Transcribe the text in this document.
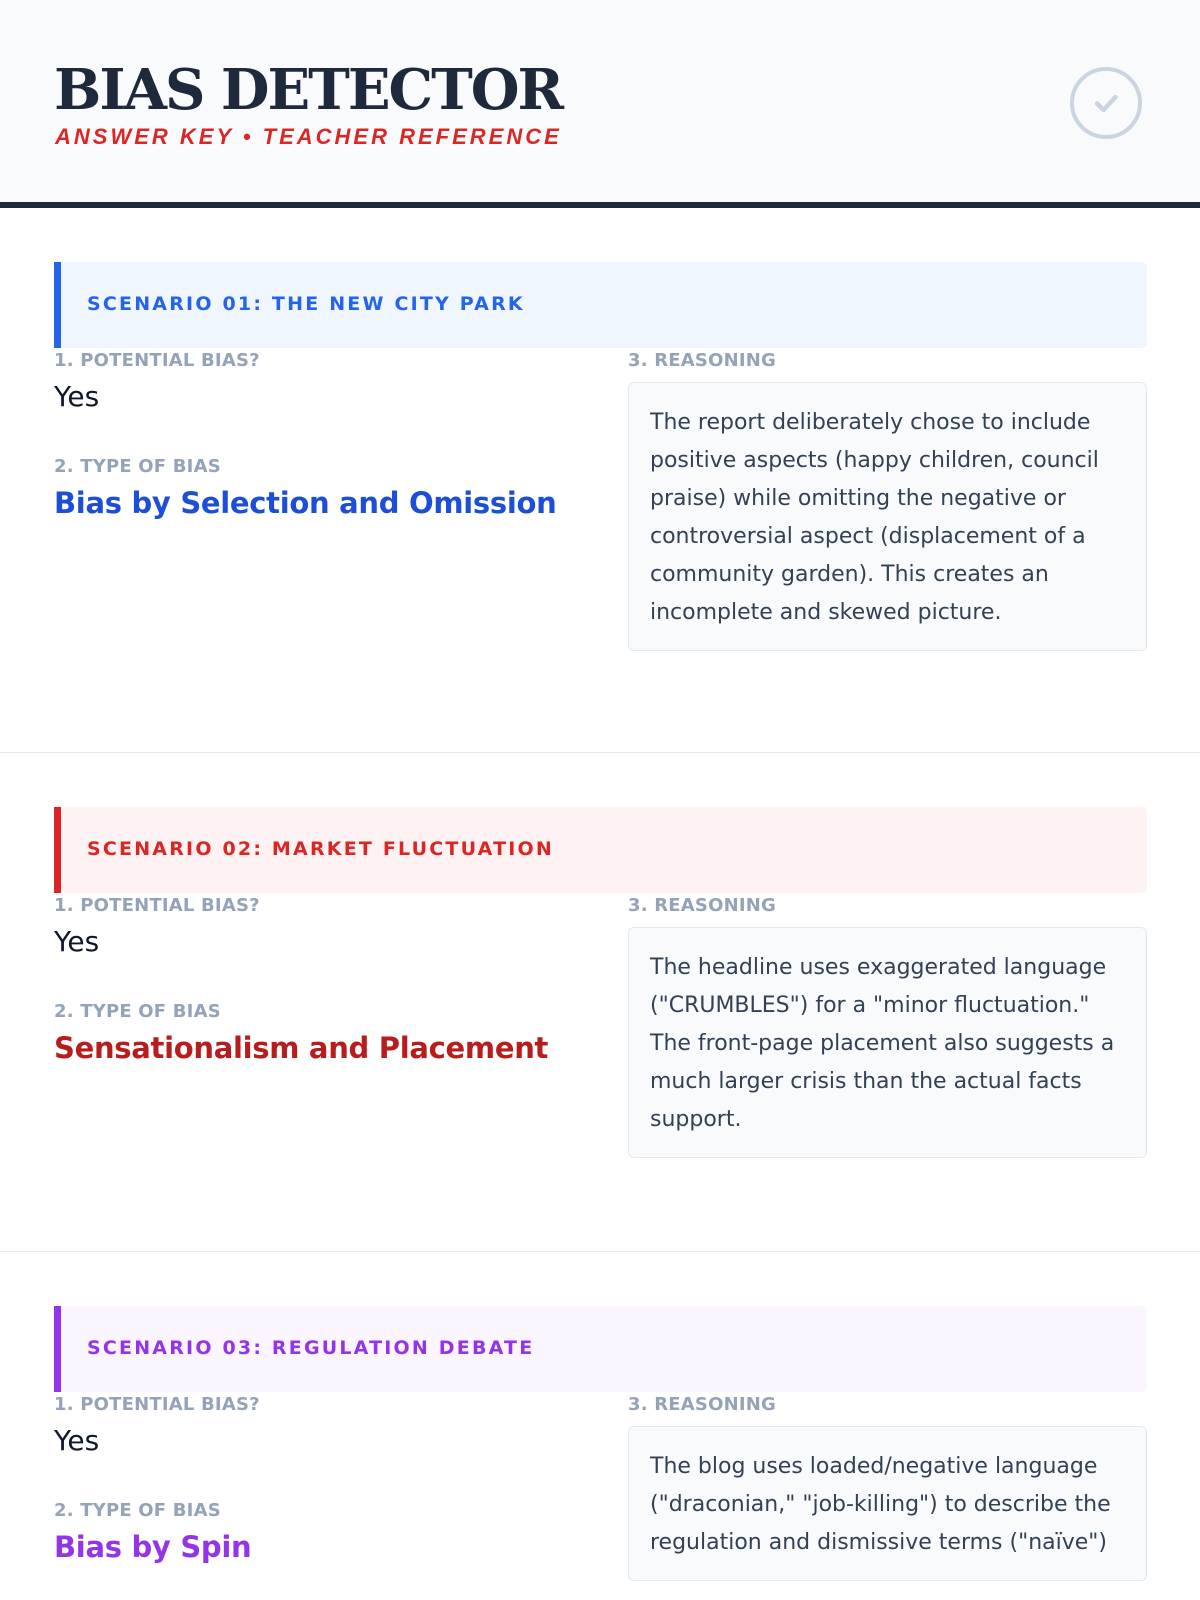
BIAS DETECTOR
ANSWER KEY • TEACHER REFERENCE
SCENARIO 01: THE NEW CITY PARK
1. POTENTIAL BIAS?
Yes
2. TYPE OF BIAS
Bias by Selection and Omission
3. REASONING
The report deliberately chose to include positive aspects (happy children, council praise) while omitting the negative or controversial aspect (displacement of a community garden). This creates an incomplete and skewed picture.
SCENARIO 02: MARKET FLUCTUATION
1. POTENTIAL BIAS?
Yes
2. TYPE OF BIAS
Sensationalism and Placement
3. REASONING
The headline uses exaggerated language ("CRUMBLES") for a "minor fluctuation." The front-page placement also suggests a much larger crisis than the actual facts support.
SCENARIO 03: REGULATION DEBATE
1. POTENTIAL BIAS?
Yes
2. TYPE OF BIAS
Bias by Spin
3. REASONING
The blog uses loaded/negative language ("draconian," "job-killing") to describe the regulation and dismissive terms ("naïve")
